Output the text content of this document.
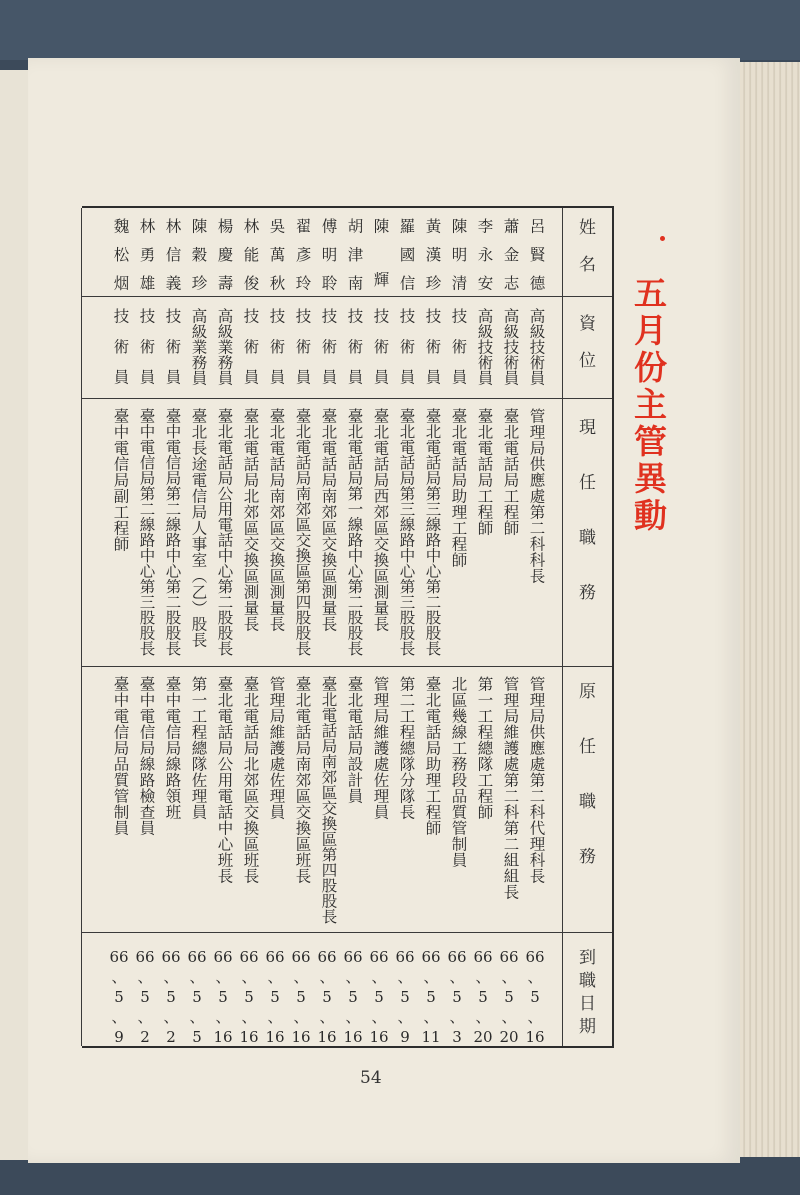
五月份主管異動
姓名
資位
現任職務
原任職務
到職日期
呂賢德
高級技術員
管理局供應處第二科科長
管理局供應處第二科代理科長
66
、
5
、
16
蕭金志
高級技術員
臺北電話局工程師
管理局維護處第二科第二組組長
66
、
5
、
20
李永安
高級技術員
臺北電話局工程師
第一工程總隊工程師
66
、
5
、
20
陳明清
技術員
臺北電話局助理工程師
北區幾線工務段品質管制員
66
、
5
、
3
黃漢珍
技術員
臺北電話局第三線路中心第二股股長
臺北電話局助理工程師
66
、
5
、
11
羅國信
技術員
臺北電話局第三線路中心第三股股長
第二工程總隊分隊長
66
、
5
、
9
陳輝
技術員
臺北電話局西郊區交換區測量長
管理局維護處佐理員
66
、
5
、
16
胡津南
技術員
臺北電話局第一線路中心第二股股長
臺北電話局設計員
66
、
5
、
16
傅明聆
技術員
臺北電話局南郊區交換區測量長
臺北電話局南郊區交換區第四股股長
66
、
5
、
16
翟彥玲
技術員
臺北電話局南郊區交換區第四股股長
臺北電話局南郊區交換區班長
66
、
5
、
16
吳萬秋
技術員
臺北電話局南郊區交換區測量長
管理局維護處佐理員
66
、
5
、
16
林能俊
技術員
臺北電話局北郊區交換區測量長
臺北電話局北郊區交換區班長
66
、
5
、
16
楊慶壽
高級業務員
臺北電話局公用電話中心第二股股長
臺北電話局公用電話中心班長
66
、
5
、
16
陳穀珍
高級業務員
臺北長途電信局人事室（乙）股長
第一工程總隊佐理員
66
、
5
、
5
林信義
技術員
臺中電信局第二線路中心第二股股長
臺中電信局線路領班
66
、
5
、
2
林勇雄
技術員
臺中電信局第二線路中心第三股股長
臺中電信局線路檢查員
66
、
5
、
2
魏松烟
技術員
臺中電信局副工程師
臺中電信局品質管制員
66
、
5
、
9
54
